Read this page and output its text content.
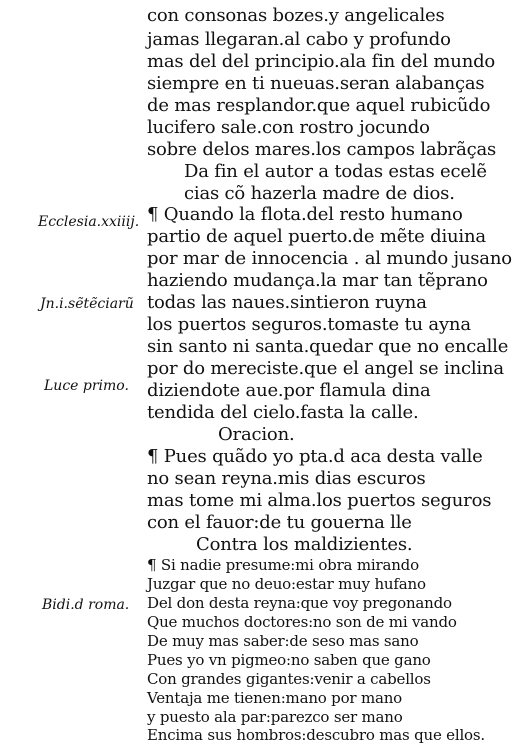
con consonas bozes.y angelicales
jamas llegaran.al cabo y profundo
mas del del principio.ala fin del mundo
siempre en ti nueuas.seran alabanças
de mas resplandor.que aquel rubicũdo
lucifero sale.con rostro jocundo
sobre delos mares.los campos labrãças
Da fin el autor a todas estas ecelẽ
cias cõ hazerla madre de dios.
¶ Quando la flota.del resto humano
partio de aquel puerto.de mẽte diuina
por mar de innocencia . al mundo jusano
haziendo mudança.la mar tan tẽprano
todas las naues.sintieron ruyna
los puertos seguros.tomaste tu ayna
sin santo ni santa.quedar que no encalle
por do mereciste.que el angel se inclina
diziendote aue.por flamula dina
tendida del cielo.fasta la calle.
Oracion.
¶ Pues quãdo yo pta.d aca desta valle
no sean reyna.mis dias escuros
mas tome mi alma.los puertos seguros
con el fauor:de tu gouerna lle
Contra los maldizientes.
¶ Si nadie presume:mi obra mirando
Juzgar que no deuo:estar muy hufano
Del don desta reyna:que voy pregonando
Que muchos doctores:no son de mi vando
De muy mas saber:de seso mas sano
Pues yo vn pigmeo:no saben que gano
Con grandes gigantes:venir a cabellos
Ventaja me tienen:mano por mano
y puesto ala par:parezco ser mano
Encima sus hombros:descubro mas que ellos.
Ecclesia.xxiiij.
Jn.i.sẽtẽciarũ
Luce primo.
Bidi.d roma.
